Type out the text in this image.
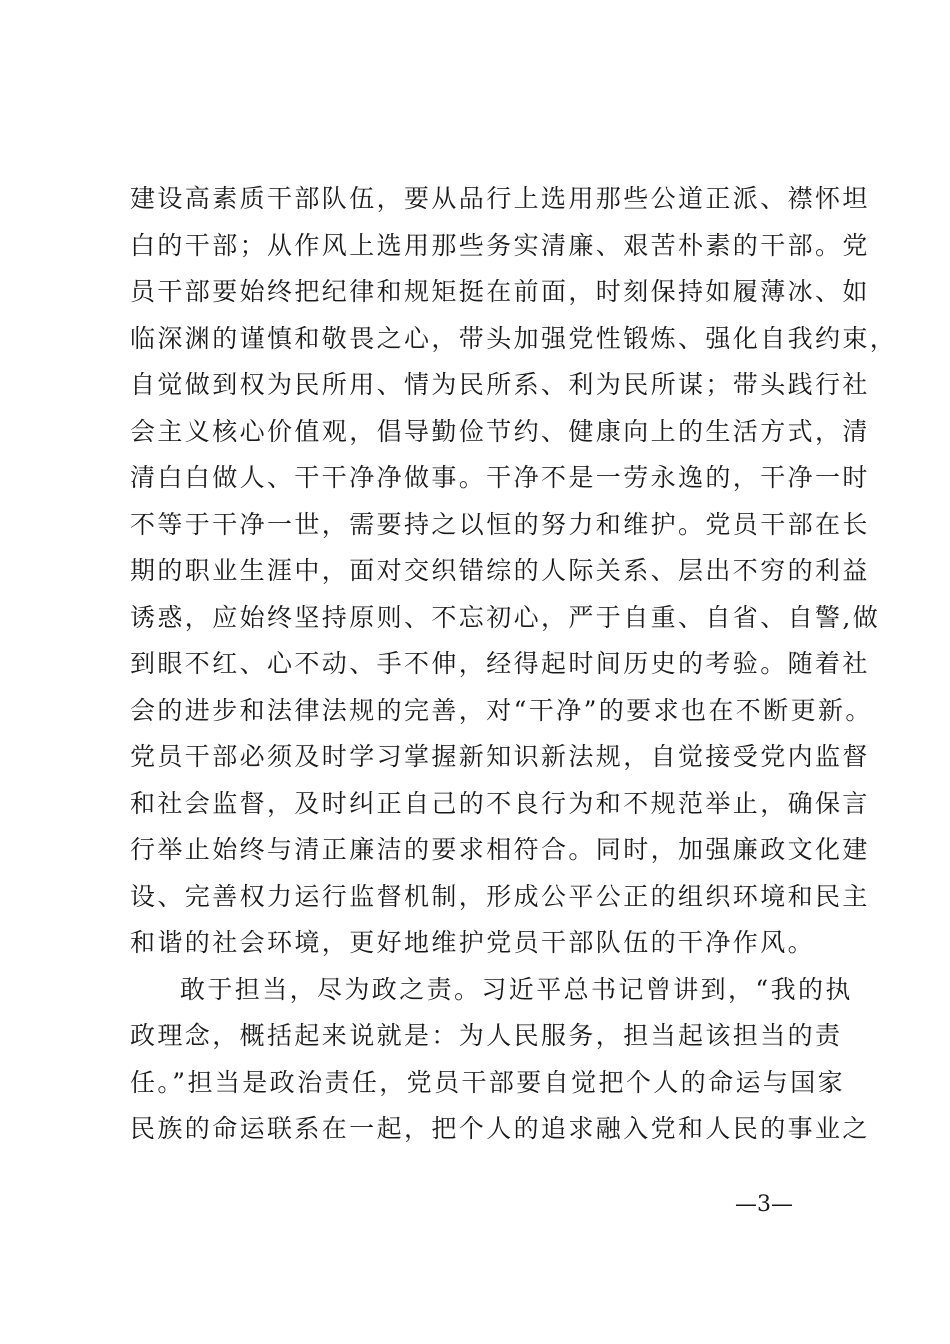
建设高素质干部队伍，要从品行上选用那些公道正派、襟怀坦
白的干部；从作风上选用那些务实清廉、艰苦朴素的干部。党
员干部要始终把纪律和规矩挺在前面，时刻保持如履薄冰、如
临深渊的谨慎和敬畏之心，带头加强党性锻炼、强化自我约束，
自觉做到权为民所用、情为民所系、利为民所谋；带头践行社
会主义核心价值观，倡导勤俭节约、健康向上的生活方式，清
清白白做人、干干净净做事。干净不是一劳永逸的，干净一时
不等于干净一世，需要持之以恒的努力和维护。党员干部在长
期的职业生涯中，面对交织错综的人际关系、层出不穷的利益
诱惑，应始终坚持原则、不忘初心，严于自重、自省、自警,做
到眼不红、心不动、手不伸，经得起时间历史的考验。随着社
会的进步和法律法规的完善，对“干净”的要求也在不断更新。
党员干部必须及时学习掌握新知识新法规，自觉接受党内监督
和社会监督，及时纠正自己的不良行为和不规范举止，确保言
行举止始终与清正廉洁的要求相符合。同时，加强廉政文化建
设、完善权力运行监督机制，形成公平公正的组织环境和民主
和谐的社会环境，更好地维护党员干部队伍的干净作风。
敢于担当，尽为政之责。习近平总书记曾讲到，“我的执
政理念，概括起来说就是：为人民服务，担当起该担当的责
任。”担当是政治责任，党员干部要自觉把个人的命运与国家
民族的命运联系在一起，把个人的追求融入党和人民的事业之
—3—
